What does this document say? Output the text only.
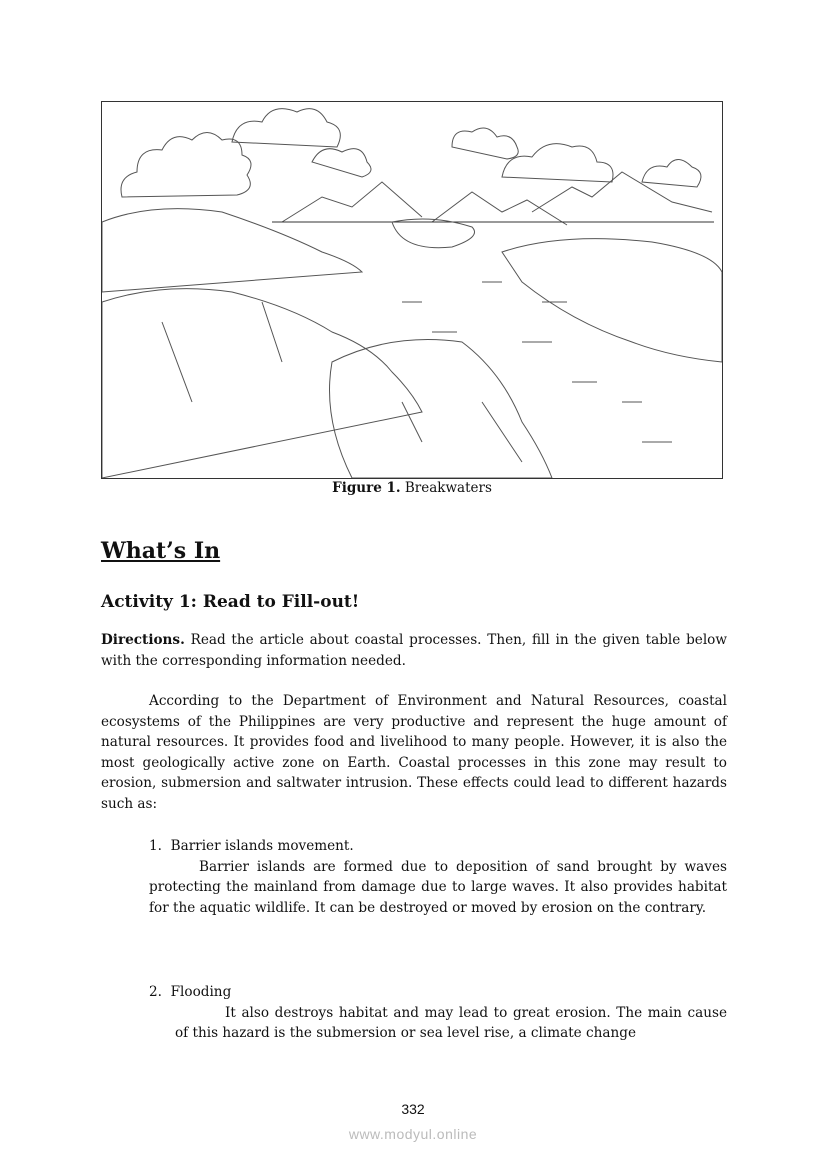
Figure 1. Breakwaters
What’s In
Activity 1: Read to Fill-out!
Directions. Read the article about coastal processes. Then, fill in the given table below with the corresponding information needed.
According to the Department of Environment and Natural Resources, coastal ecosystems of the Philippines are very productive and represent the huge amount of natural resources. It provides food and livelihood to many people. However, it is also the most geologically active zone on Earth. Coastal processes in this zone may result to erosion, submersion and saltwater intrusion. These effects could lead to different hazards such as:
1.  Barrier islands movement.
Barrier islands are formed due to deposition of sand brought by waves protecting the mainland from damage due to large waves. It also provides habitat for the aquatic wildlife. It can be destroyed or moved by erosion on the contrary.
2.  Flooding
It also destroys habitat and may lead to great erosion. The main cause of this hazard is the submersion or sea level rise, a climate change
332
www.modyul.online
